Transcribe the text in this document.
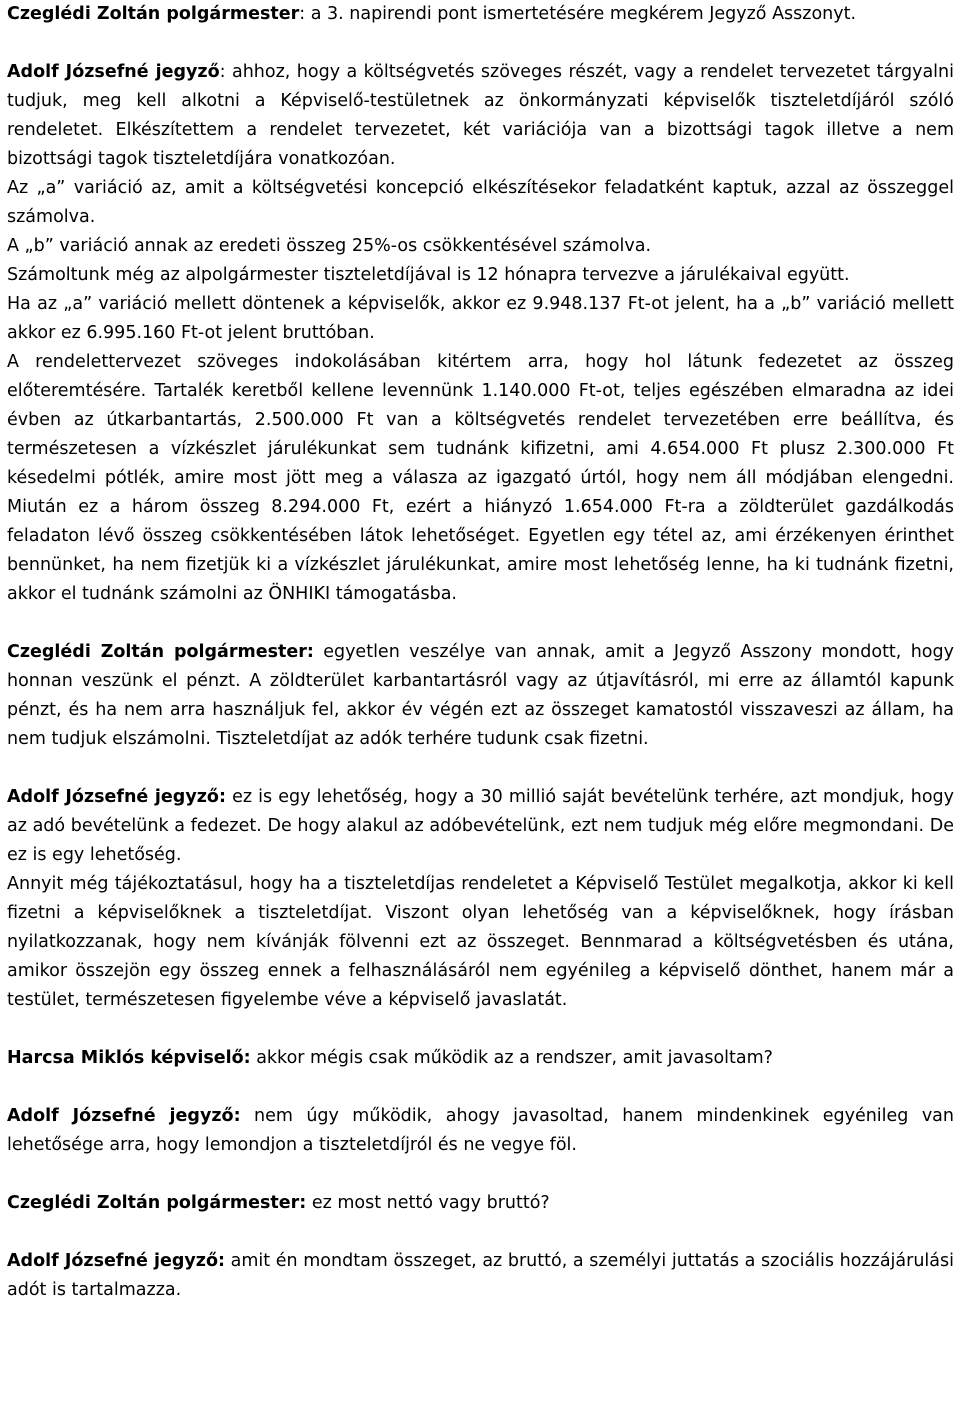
Czeglédi Zoltán polgármester: a 3. napirendi pont ismertetésére megkérem Jegyző Asszonyt.

Adolf Józsefné jegyző: ahhoz, hogy a költségvetés szöveges részét, vagy a rendelet tervezetet tárgyalni tudjuk, meg kell alkotni a Képviselő-testületnek az önkormányzati képviselők tiszteletdíjáról szóló rendeletet. Elkészítettem a rendelet tervezetet, két variációja van a bizottsági tagok illetve a nem bizottsági tagok tiszteletdíjára vonatkozóan.

Az „a” variáció az, amit a költségvetési koncepció elkészítésekor feladatként kaptuk, azzal az összeggel számolva.

A „b” variáció annak az eredeti összeg 25%-os csökkentésével számolva.

Számoltunk még az alpolgármester tiszteletdíjával is 12 hónapra tervezve a járulékaival együtt.

Ha az „a” variáció mellett döntenek a képviselők, akkor ez 9.948.137 Ft-ot jelent, ha a „b” variáció mellett akkor ez 6.995.160 Ft-ot jelent bruttóban.

A rendelettervezet szöveges indokolásában kitértem arra, hogy hol látunk fedezetet az összeg előteremtésére. Tartalék keretből kellene levennünk 1.140.000 Ft-ot, teljes egészében elmaradna az idei évben az útkarbantartás, 2.500.000 Ft van a költségvetés rendelet tervezetében erre beállítva, és természetesen a vízkészlet járulékunkat sem tudnánk kifizetni, ami 4.654.000 Ft plusz 2.300.000 Ft késedelmi pótlék, amire most jött meg a válasza az igazgató úrtól, hogy nem áll módjában elengedni. Miután ez a három összeg 8.294.000 Ft, ezért a hiányzó 1.654.000 Ft-ra a zöldterület gazdálkodás feladaton lévő összeg csökkentésében látok lehetőséget. Egyetlen egy tétel az, ami érzékenyen érinthet bennünket, ha nem fizetjük ki a vízkészlet járulékunkat, amire most lehetőség lenne, ha ki tudnánk fizetni, akkor el tudnánk számolni az ÖNHIKI támogatásba.

Czeglédi Zoltán polgármester: egyetlen veszélye van annak, amit a Jegyző Asszony mondott, hogy honnan veszünk el pénzt. A zöldterület karbantartásról vagy az útjavításról, mi erre az államtól kapunk pénzt, és ha nem arra használjuk fel, akkor év végén ezt az összeget kamatostól visszaveszi az állam, ha nem tudjuk elszámolni. Tiszteletdíjat az adók terhére tudunk csak fizetni.

Adolf Józsefné jegyző: ez is egy lehetőség, hogy a 30 millió saját bevételünk terhére, azt mondjuk, hogy az adó bevételünk a fedezet. De hogy alakul az adóbevételünk, ezt nem tudjuk még előre megmondani. De ez is egy lehetőség.

Annyit még tájékoztatásul, hogy ha a tiszteletdíjas rendeletet a Képviselő Testület megalkotja, akkor ki kell fizetni a képviselőknek a tiszteletdíjat. Viszont olyan lehetőség van a képviselőknek, hogy írásban nyilatkozzanak, hogy nem kívánják fölvenni ezt az összeget. Bennmarad a költségvetésben és utána, amikor összejön egy összeg ennek a felhasználásáról nem egyénileg a képviselő dönthet, hanem már a testület, természetesen figyelembe véve a képviselő javaslatát.

Harcsa Miklós képviselő: akkor mégis csak működik az a rendszer, amit javasoltam?

Adolf Józsefné jegyző: nem úgy működik, ahogy javasoltad, hanem mindenkinek egyénileg van lehetősége arra, hogy lemondjon a tiszteletdíjról és ne vegye föl.

Czeglédi Zoltán polgármester: ez most nettó vagy bruttó?

Adolf Józsefné jegyző: amit én mondtam összeget, az bruttó, a személyi juttatás a szociális hozzájárulási adót is tartalmazza.
